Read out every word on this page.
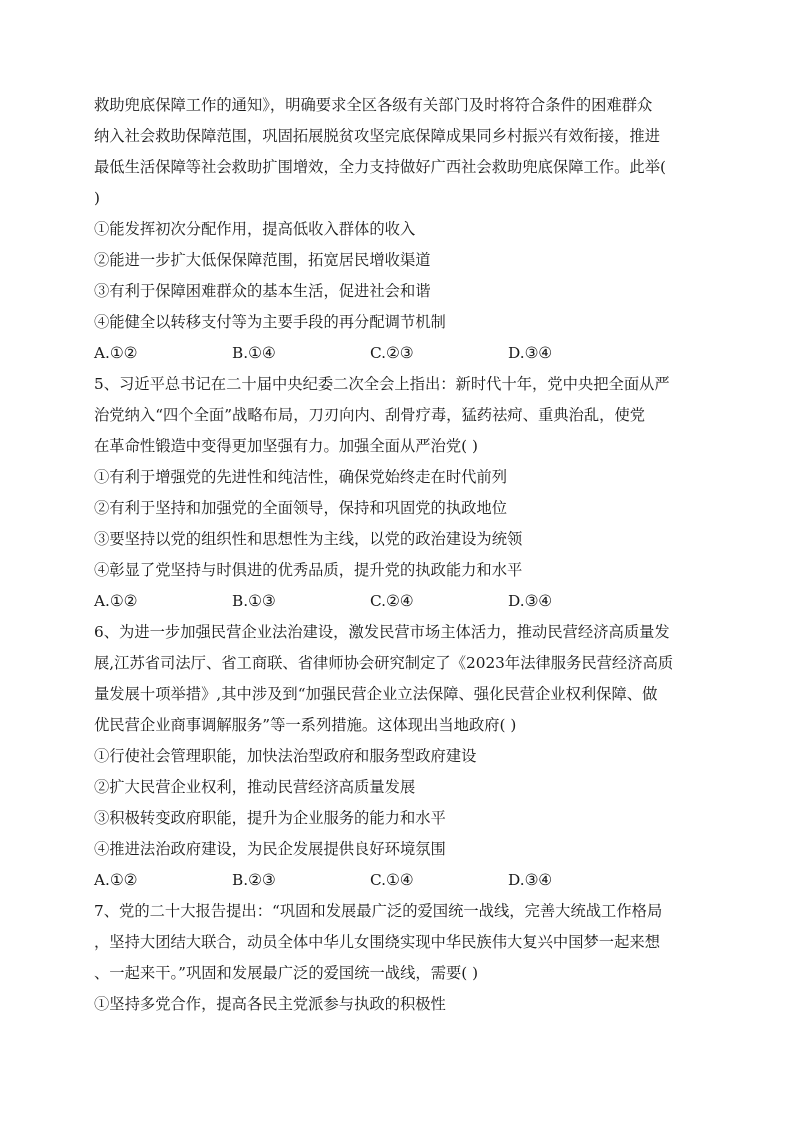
救助兜底保障工作的通知》，明确要求全区各级有关部门及时将符合条件的困难群众
纳入社会救助保障范围，巩固拓展脱贫攻坚完底保障成果同乡村振兴有效衔接，推进
最低生活保障等社会救助扩围增效，全力支持做好广西社会救助兜底保障工作。此举(
)
①能发挥初次分配作用，提高低收入群体的收入
②能进一步扩大低保保障范围，拓宽居民增收渠道
③有利于保障困难群众的基本生活，促进社会和谐
④能健全以转移支付等为主要手段的再分配调节机制
A.①②	B.①④	C.②③	D.③④
5、习近平总书记在二十届中央纪委二次全会上指出：新时代十年，党中央把全面从严
治党纳入“四个全面”战略布局，刀刃向内、刮骨疗毒，猛药祛疴、重典治乱，使党
在革命性锻造中变得更加坚强有力。加强全面从严治党( )
①有利于增强党的先进性和纯洁性，确保党始终走在时代前列
②有利于坚持和加强党的全面领导，保持和巩固党的执政地位
③要坚持以党的组织性和思想性为主线，以党的政治建设为统领
④彰显了党坚持与时俱进的优秀品质，提升党的执政能力和水平
A.①②	B.①③	C.②④	D.③④
6、为进一步加强民营企业法治建设，激发民营市场主体活力，推动民营经济高质量发
展,江苏省司法厅、省工商联、省律师协会研究制定了《2023年法律服务民营经济高质
量发展十项举措》,其中涉及到“加强民营企业立法保障、强化民营企业权利保障、做
优民营企业商事调解服务”等一系列措施。这体现出当地政府( )
①行使社会管理职能，加快法治型政府和服务型政府建设
②扩大民营企业权利，推动民营经济高质量发展
③积极转变政府职能，提升为企业服务的能力和水平
④推进法治政府建设，为民企发展提供良好环境氛围
A.①②	B.②③	C.①④	D.③④
7、党的二十大报告提出：“巩固和发展最广泛的爱国统一战线，完善大统战工作格局
，坚持大团结大联合，动员全体中华儿女围绕实现中华民族伟大复兴中国梦一起来想
、一起来干。”巩固和发展最广泛的爱国统一战线，需要( )
①坚持多党合作，提高各民主党派参与执政的积极性
